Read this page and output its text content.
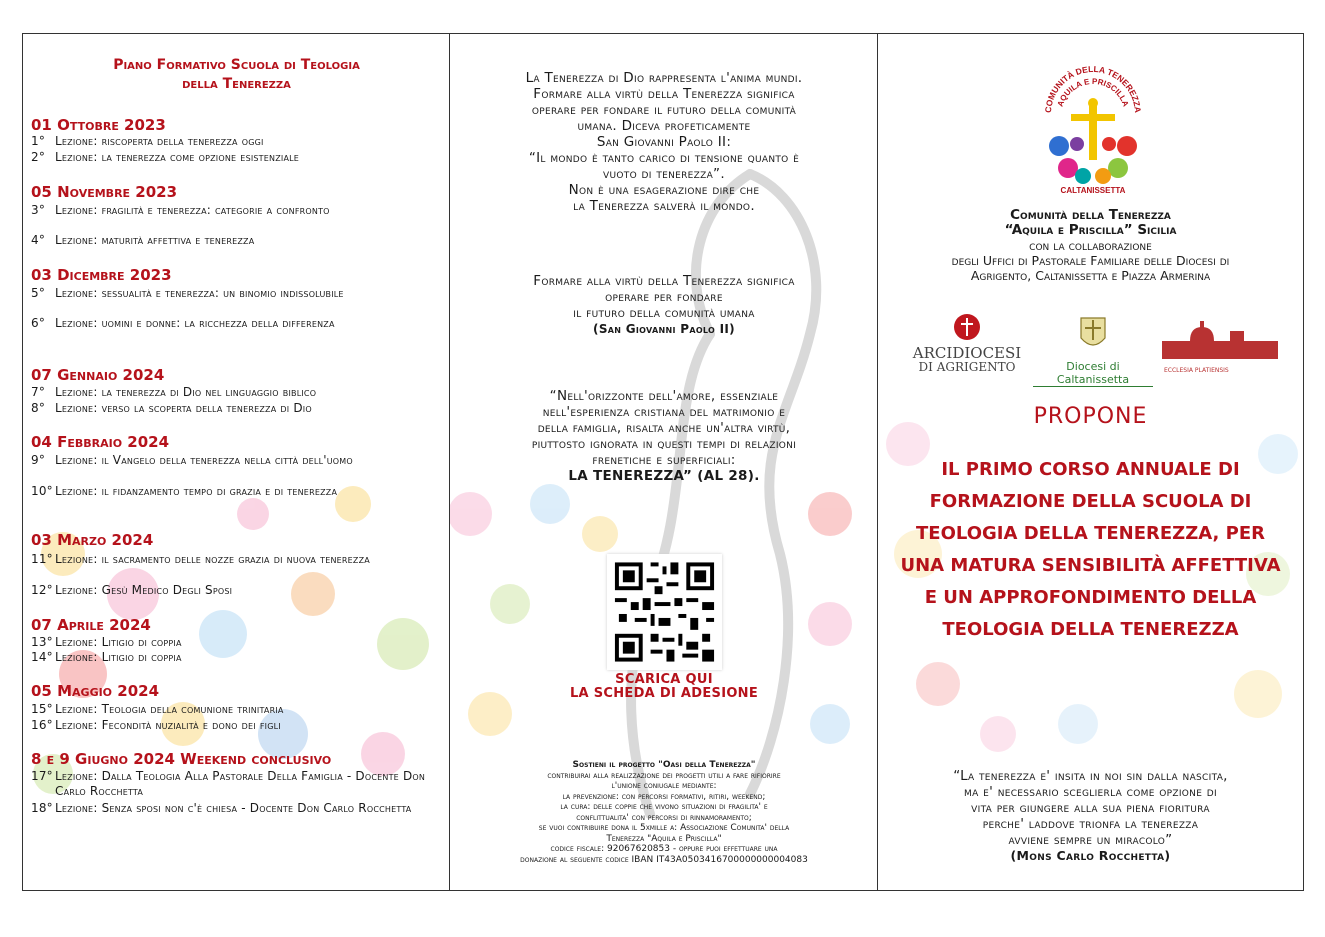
Piano Formativo Scuola di Teologia
della Tenerezza
01 Ottobre 2023
1° Lezione: riscoperta della tenerezza oggi
2° Lezione: la tenerezza come opzione esistenziale
05 Novembre 2023
3° Lezione: fragilità e tenerezza: categorie a confronto
4° Lezione: maturità affettiva e tenerezza
03 Dicembre 2023
5° Lezione: sessualità e tenerezza: un binomio indissolubile
6° Lezione: uomini e donne: la ricchezza della differenza
07 Gennaio 2024
7° Lezione: la tenerezza di Dio nel linguaggio biblico
8° Lezione: verso la scoperta della tenerezza di Dio
04 Febbraio 2024
9° Lezione: il Vangelo della tenerezza nella città dell'uomo
10° Lezione: il fidanzamento tempo di grazia e di tenerezza
03 Marzo 2024
11° Lezione: il sacramento delle nozze grazia di nuova tenerezza
12° Lezione: Gesù Medico Degli Sposi
07 Aprile 2024
13° Lezione: Litigio di coppia
14° Lezione: Litigio di coppia
05 Maggio 2024
15° Lezione: Teologia della comunione trinitaria
16° Lezione: Fecondità nuzialità e dono dei figli
8 e 9 Giugno 2024 Weekend conclusivo
17° Lezione: Dalla Teologia Alla Pastorale Della Famiglia - Docente Don Carlo Rocchetta
18° Lezione: Senza sposi non c'è chiesa - Docente Don Carlo Rocchetta
La Tenerezza di Dio rappresenta l'anima mundi.
Formare alla virtù della Tenerezza significa
operare per fondare il futuro della comunità
umana. Diceva profeticamente
San Giovanni Paolo II:
“Il mondo è tanto carico di tensione quanto è
vuoto di tenerezza”.
Non è una esagerazione dire che
la Tenerezza salverà il mondo.
Formare alla virtù della Tenerezza significa
operare per fondare
il futuro della comunità umana
(San Giovanni Paolo II)
“Nell'orizzonte dell'amore, essenziale
nell'esperienza cristiana del matrimonio e
della famiglia, risalta anche un'altra virtù,
piuttosto ignorata in questi tempi di relazioni
frenetiche e superficiali:
LA TENEREZZA” (AL 28).
SCARICA QUI
LA SCHEDA DI ADESIONE
Sostieni il progetto "Oasi della Tenerezza"
contribuirai alla realizzazione dei progetti utili a fare rifiorire
l'unione coniugale mediante:
la prevenzione: con percorsi formativi, ritiri, weekend;
la cura: delle coppie che vivono situazioni di fragilita' e
conflittualita' con percorsi di rinnamoramento;
se vuoi contribuire dona il 5xmille a: Associazione Comunita' della
Tenerezza "Aquila e Priscilla"
codice fiscale: 92067620853 - oppure puoi effettuare una
donazione al seguente codice IBAN IT43A0503416700000000004083
COMUNITÀ DELLA TENEREZZA
AQUILA E PRISCILLA
CALTANISSETTA
Comunità della Tenerezza
“Aquila e Priscilla” Sicilia
con la collaborazione
degli Uffici di Pastorale Familiare delle Diocesi di
Agrigento, Caltanissetta e Piazza Armerina
ARCIDIOCESI
DI AGRIGENTO	Diocesi di Caltanissetta
ECCLESIA PLATIENSIS
PROPONE
IL PRIMO CORSO ANNUALE DI
FORMAZIONE DELLA SCUOLA DI
TEOLOGIA DELLA TENEREZZA, PER
UNA MATURA SENSIBILITÀ AFFETTIVA
E UN APPROFONDIMENTO DELLA
TEOLOGIA DELLA TENEREZZA
“La tenerezza e' insita in noi sin dalla nascita,
ma e' necessario sceglierla come opzione di
vita per giungere alla sua piena fioritura
perche' laddove trionfa la tenerezza
avviene sempre un miracolo”
(Mons Carlo Rocchetta)
